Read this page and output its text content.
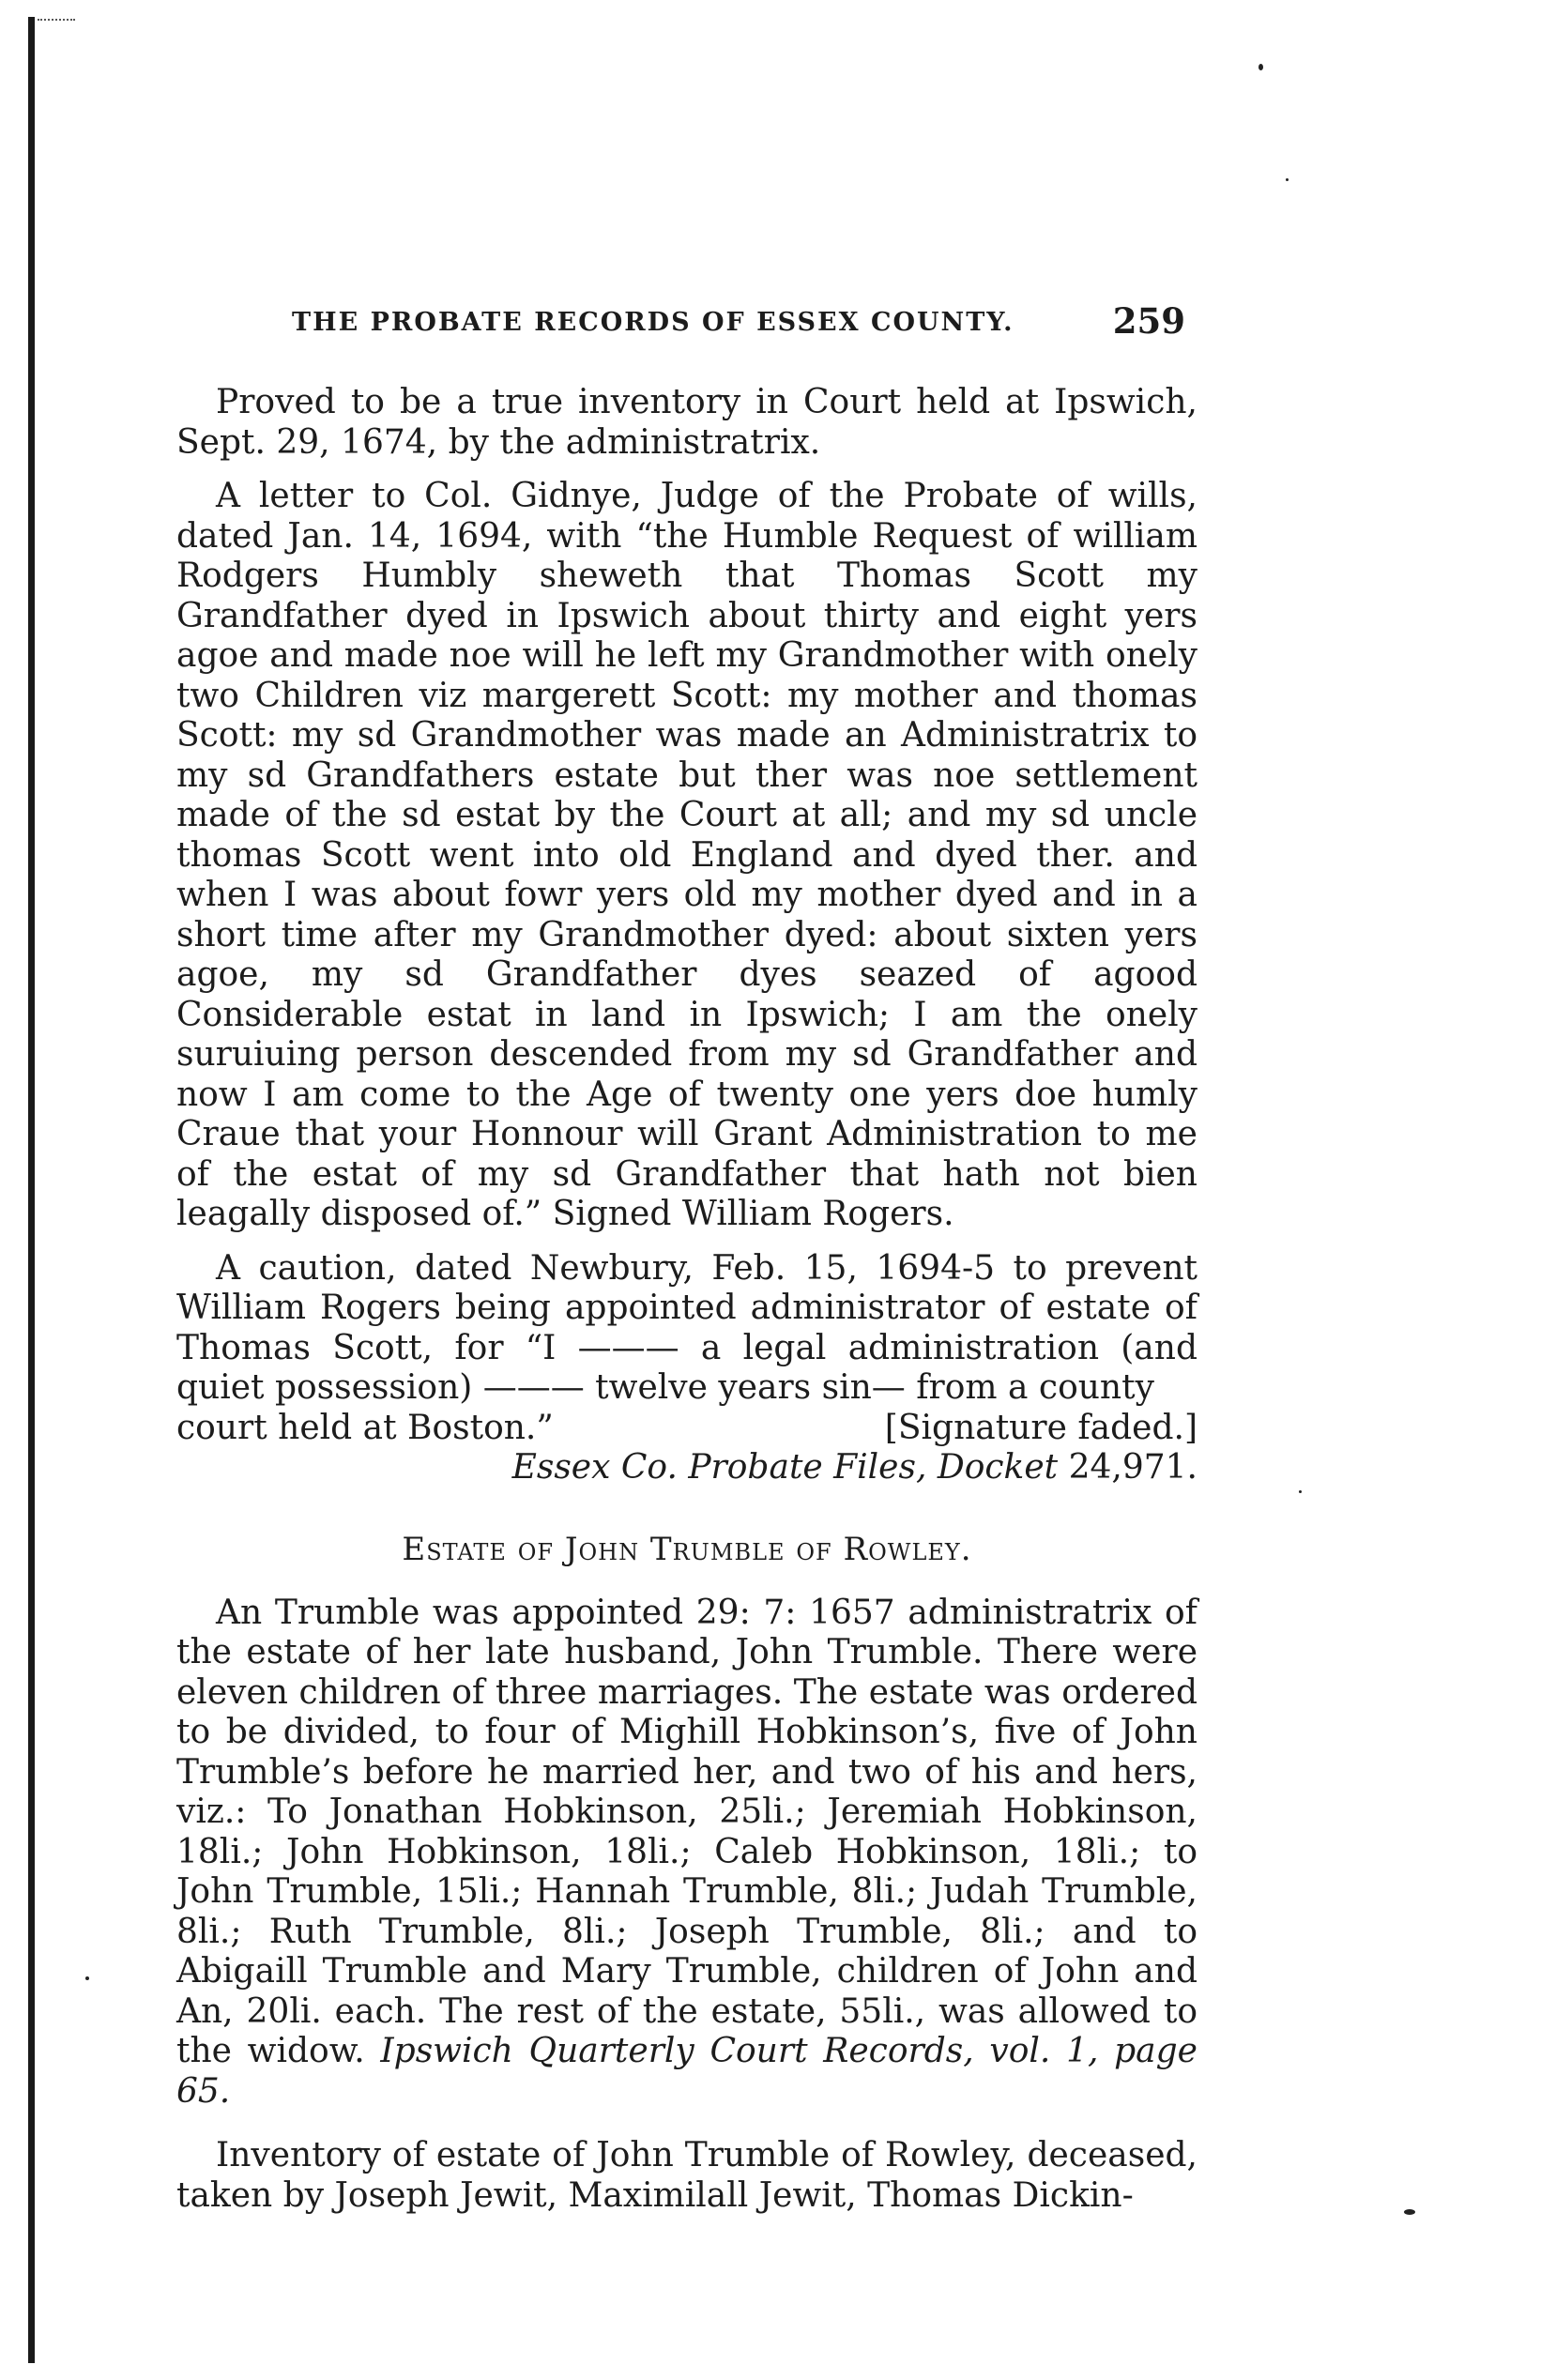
THE PROBATE RECORDS OF ESSEX COUNTY.	259

Proved to be a true inventory in Court held at Ipswich, Sept. 29, 1674, by the administratrix.

A letter to Col. Gidnye, Judge of the Probate of wills, dated Jan. 14, 1694, with “the Humble Request of william Rodgers Humbly sheweth that Thomas Scott my Grandfather dyed in Ipswich about thirty and eight yers agoe and made noe will he left my Grandmother with onely two Children viz margerett Scott: my mother and thomas Scott: my sd Grandmother was made an Administratrix to my sd Grandfathers estate but ther was noe settlement made of the sd estat by the Court at all; and my sd uncle thomas Scott went into old England and dyed ther. and when I was about fowr yers old my mother dyed and in a short time after my Grandmother dyed: about sixten yers agoe, my sd Grandfather dyes seazed of agood Considerable estat in land in Ipswich; I am the onely suruiuing person descended from my sd Grandfather and now I am come to the Age of twenty one yers doe humly Craue that your Honnour will Grant Administration to me of the estat of my sd Grandfather that hath not bien leagally disposed of.” Signed William Rogers.

A caution, dated Newbury, Feb. 15, 1694-5 to prevent William Rogers being appointed administrator of estate of Thomas Scott, for “I ——— a legal administration (and quiet possession) ——— twelve years sin— from a county

court held at Boston.”	[Signature faded.]
Essex Co. Probate Files, Docket 24,971.
Estate of John Trumble of Rowley.

An Trumble was appointed 29: 7: 1657 administratrix of the estate of her late husband, John Trumble. There were eleven children of three marriages. The estate was ordered to be divided, to four of Mighill Hobkinson’s, five of John Trumble’s before he married her, and two of his and hers, viz.: To Jonathan Hobkinson, 25li.; Jeremiah Hobkinson, 18li.; John Hobkinson, 18li.; Caleb Hobkinson, 18li.; to John Trumble, 15li.; Hannah Trumble, 8li.; Judah Trumble, 8li.; Ruth Trumble, 8li.; Joseph Trumble, 8li.; and to Abigaill Trumble and Mary Trumble, children of John and An, 20li. each. The rest of the estate, 55li., was allowed to the widow. Ipswich Quarterly Court Records, vol. 1, page 65.

Inventory of estate of John Trumble of Rowley, deceased, taken by Joseph Jewit, Maximilall Jewit, Thomas Dickin-
